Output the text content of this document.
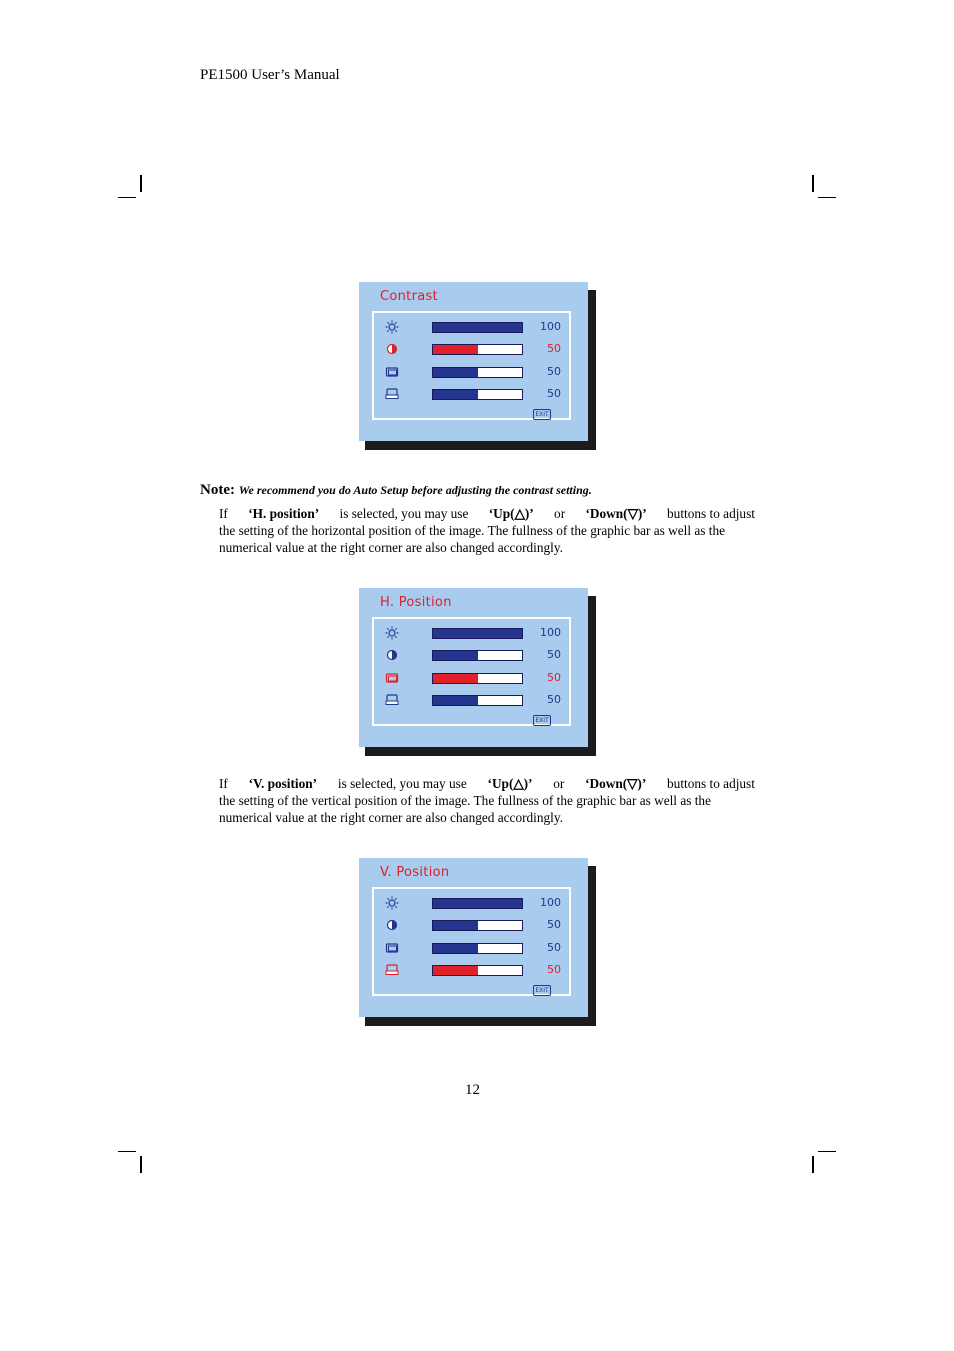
PE1500 User’s Manual
Contrast
100
50
50
50
EXIT
H. Position
100
50
50
50
EXIT
V. Position
100
50
50
50
EXIT
Note: We recommend you do Auto Setup before adjusting the contrast setting.
If ‘H. position’ is selected, you may use ‘Up(△)’ or ‘Down(▽)’ buttons to adjust
the setting of the horizontal position of the image. The fullness of the graphic bar as well as the numerical value at the right corner are also changed accordingly.
If ‘V. position’ is selected, you may use ‘Up(△)’ or ‘Down(▽)’ buttons to adjust
the setting of the vertical position of the image. The fullness of the graphic bar as well as the numerical value at the right corner are also changed accordingly.
12
